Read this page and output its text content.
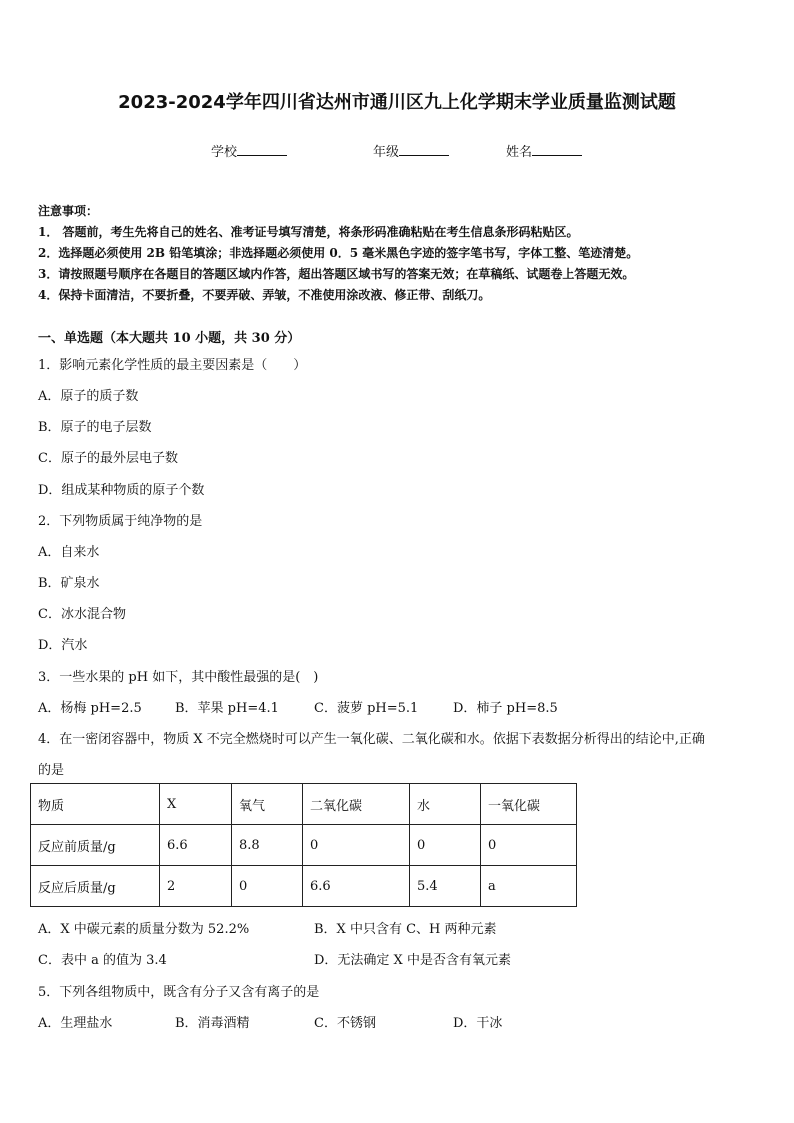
2023-2024学年四川省达州市通川区九上化学期末学业质量监测试题
学校	年级	姓名
注意事项：
1． 答题前，考生先将自己的姓名、准考证号填写清楚，将条形码准确粘贴在考生信息条形码粘贴区。
2．选择题必须使用 2B 铅笔填涂；非选择题必须使用 0．5 毫米黑色字迹的签字笔书写，字体工整、笔迹清楚。
3．请按照题号顺序在各题目的答题区域内作答，超出答题区域书写的答案无效；在草稿纸、试题卷上答题无效。
4．保持卡面清洁，不要折叠，不要弄破、弄皱，不准使用涂改液、修正带、刮纸刀。
一、单选题（本大题共 10 小题，共 30 分）
1．影响元素化学性质的最主要因素是（　　）
A．原子的质子数
B．原子的电子层数
C．原子的最外层电子数
D．组成某种物质的原子个数
2．下列物质属于纯净物的是
A．自来水
B．矿泉水
C．冰水混合物
D．汽水
3．一些水果的 pH 如下，其中酸性最强的是(　)
A．杨梅 pH=2.5	B．苹果 pH=4.1	C．菠萝 pH=5.1	D．柿子 pH=8.5
4．在一密闭容器中，物质 X 不完全燃烧时可以产生一氧化碳、二氧化碳和水。依据下表数据分析得出的结论中,正确
的是
物质	X	氧气	二氧化碳	水	一氧化碳
反应前质量/g	6.6	8.8	0	0	0
反应后质量/g	2	0	6.6	5.4	a
A．X 中碳元素的质量分数为 52.2%	B．X 中只含有 C、H 两种元素
C．表中 a 的值为 3.4	D．无法确定 X 中是否含有氧元素
5．下列各组物质中，既含有分子又含有离子的是
A．生理盐水	B．消毒酒精	C．不锈钢	D．干冰
